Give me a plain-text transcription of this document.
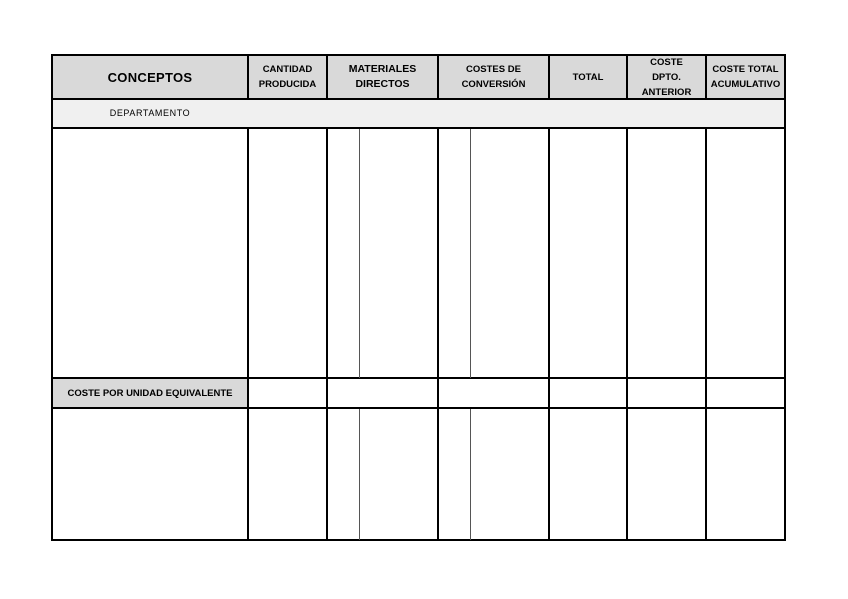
CONCEPTOS	CANTIDAD PRODUCIDA
MATERIALES DIRECTOS
COSTES DE CONVERSIÓN
TOTAL
COSTE DPTO. ANTERIOR
COSTE TOTAL ACUMULATIVO
DEPARTAMENTO
COSTE POR UNIDAD EQUIVALENTE
